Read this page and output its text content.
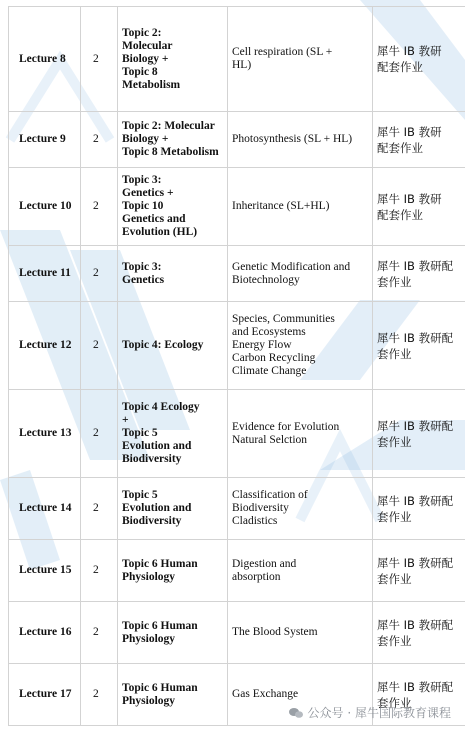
Lecture 8	2	Topic 2:
Molecular
Biology +
Topic 8
Metabolism	Cell respiration (SL +
HL)	犀牛 IB 教研
配套作业

Lecture 9	2	Topic 2: Molecular
Biology +
Topic 8 Metabolism	Photosynthesis (SL + HL)	犀牛 IB 教研
配套作业

Lecture 10	2	Topic 3:
Genetics +
Topic 10
Genetics and
Evolution (HL)	Inheritance (SL+HL)	犀牛 IB 教研
配套作业

Lecture 11	2	Topic 3:
Genetics	Genetic Modification and
Biotechnology	犀牛 IB 教研配
套作业

Lecture 12	2	Topic 4: Ecology	Species, Communities
and Ecosystems
Energy Flow
Carbon Recycling
Climate Change	犀牛 IB 教研配
套作业

Lecture 13	2	Topic 4 Ecology
+
Topic 5
Evolution and
Biodiversity	Evidence for Evolution
Natural Selction	犀牛 IB 教研配
套作业

Lecture 14	2	Topic 5
Evolution and
Biodiversity	Classification of
Biodiversity
Cladistics	犀牛 IB 教研配
套作业

Lecture 15	2	Topic 6 Human
Physiology	Digestion and
absorption	犀牛 IB 教研配
套作业

Lecture 16	2	Topic 6 Human
Physiology	The Blood System	犀牛 IB 教研配
套作业

Lecture 17	2	Topic 6 Human
Physiology	Gas Exchange	犀牛 IB 教研配
套作业
公众号 · 犀牛国际教育课程
